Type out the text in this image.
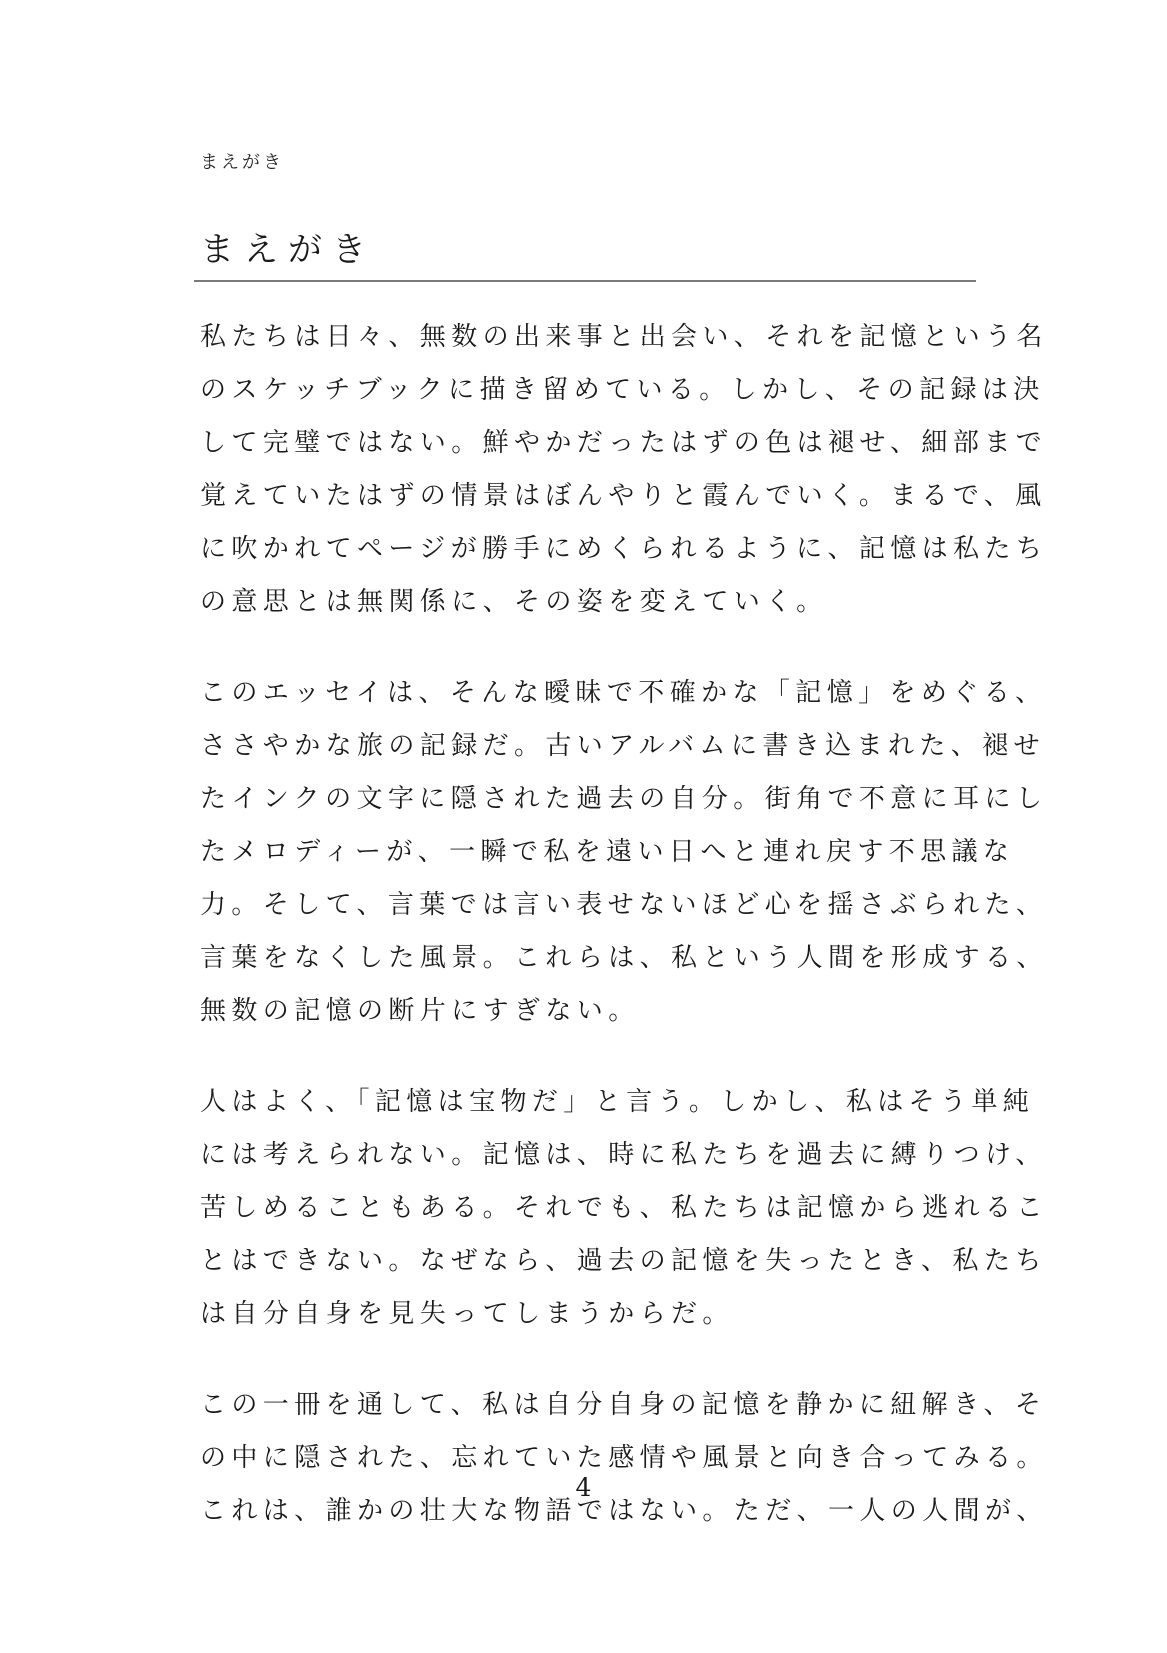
まえがき
まえがき
私たちは日々、無数の出来事と出会い、それを記憶という名
のスケッチブックに描き留めている。しかし、その記録は決
して完璧ではない。鮮やかだったはずの色は褪せ、細部まで
覚えていたはずの情景はぼんやりと霞んでいく。まるで、風
に吹かれてページが勝手にめくられるように、記憶は私たち
の意思とは無関係に、その姿を変えていく。
このエッセイは、そんな曖昧で不確かな「記憶」をめぐる、
ささやかな旅の記録だ。古いアルバムに書き込まれた、褪せ
たインクの文字に隠された過去の自分。街角で不意に耳にし
たメロディーが、一瞬で私を遠い日へと連れ戻す不思議な
力。そして、言葉では言い表せないほど心を揺さぶられた、
言葉をなくした風景。これらは、私という人間を形成する、
無数の記憶の断片にすぎない。
人はよく、「記憶は宝物だ」と言う。しかし、私はそう単純
には考えられない。記憶は、時に私たちを過去に縛りつけ、
苦しめることもある。それでも、私たちは記憶から逃れるこ
とはできない。なぜなら、過去の記憶を失ったとき、私たち
は自分自身を見失ってしまうからだ。
この一冊を通して、私は自分自身の記憶を静かに紐解き、そ
の中に隠された、忘れていた感情や風景と向き合ってみる。
これは、誰かの壮大な物語ではない。ただ、一人の人間が、
4
